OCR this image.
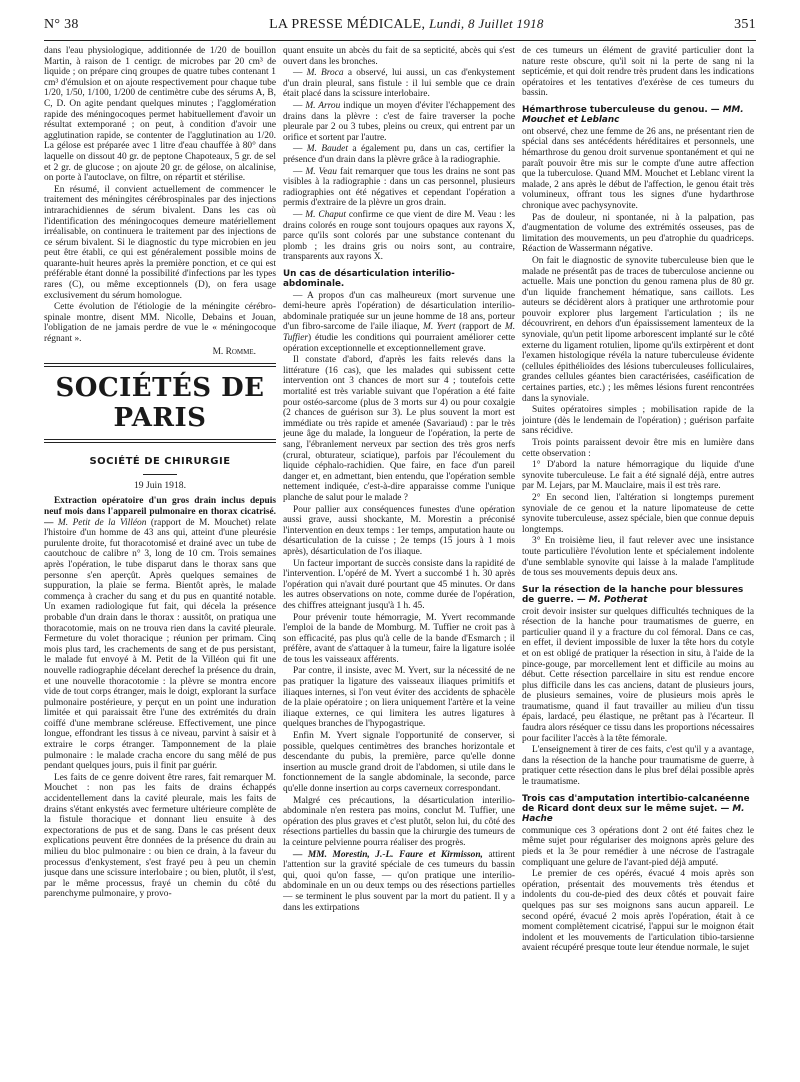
N° 38	LA PRESSE MÉDICALE, Lundi, 8 Juillet 1918	351

dans l'eau physiologique, additionnée de 1/20 de bouillon Martin, à raison de 1 centigr. de microbes par 20 cm³ de liquide ; on prépare cinq groupes de quatre tubes contenant 1 cm³ d'émulsion et on ajoute respectivement pour chaque tube 1/20, 1/50, 1/100, 1/200 de centimètre cube des sérums A, B, C, D. On agite pendant quelques minutes ; l'agglomération rapide des méningocoques permet habituellement d'avoir un résultat extemporané ; on peut, à condition d'avoir une agglutination rapide, se contenter de l'agglutination au 1/20. La gélose est préparée avec 1 litre d'eau chauffée à 80° dans laquelle on dissout 40 gr. de peptone Chapoteaux, 5 gr. de sel et 2 gr. de glucose ; on ajoute 20 gr. de gélose, on alcalinise, on porte à l'autoclave, on filtre, on répartit et stérilise.

En résumé, il convient actuellement de commencer le traitement des méningites cérébrospinales par des injections intrarachidiennes de sérum bivalent. Dans les cas où l'identification des méningocoques demeure matériellement irréalisable, on continuera le traitement par des injections de ce sérum bivalent. Si le diagnostic du type microbien en jeu peut être établi, ce qui est généralement possible moins de quarante-huit heures après la première ponction, et ce qui est préférable étant donné la possibilité d'infections par les types rares (C), ou même exceptionnels (D), on fera usage exclusivement du sérum homologue.

Cette évolution de l'étiologie de la méningite cérébro-spinale montre, disent MM. Nicolle, Debains et Jouan, l'obligation de ne jamais perdre de vue le « méningocoque régnant ».

M. Romme.
SOCIÉTÉS DE PARIS
SOCIÉTÉ DE CHIRURGIE
19 Juin 1918.

Extraction opératoire d'un gros drain inclus depuis neuf mois dans l'appareil pulmonaire en thorax cicatrisé. — M. Petit de la Villéon (rapport de M. Mouchet) relate l'histoire d'un homme de 43 ans qui, atteint d'une pleurésie purulente droite, fut thoracotomisé et drainé avec un tube de caoutchouc de calibre n° 3, long de 10 cm. Trois semaines après l'opération, le tube disparut dans le thorax sans que personne s'en aperçût. Après quelques semaines de suppuration, la plaie se ferma. Bientôt après, le malade commença à cracher du sang et du pus en quantité notable. Un examen radiologique fut fait, qui décela la présence probable d'un drain dans le thorax : aussitôt, on pratiqua une thoracotomie, mais on ne trouva rien dans la cavité pleurale. Fermeture du volet thoracique ; réunion per primam. Cinq mois plus tard, les crachements de sang et de pus persistant, le malade fut envoyé à M. Petit de la Villéon qui fit une nouvelle radiographie décelant derechef la présence du drain, et une nouvelle thoracotomie : la plèvre se montra encore vide de tout corps étranger, mais le doigt, explorant la surface pulmonaire postérieure, y perçut en un point une induration limitée et qui paraissait être l'une des extrémités du drain coiffé d'une membrane scléreuse. Effectivement, une pince longue, effondrant les tissus à ce niveau, parvint à saisir et à extraire le corps étranger. Tamponnement de la plaie pulmonaire : le malade cracha encore du sang mêlé de pus pendant quelques jours, puis il finit par guérir.

Les faits de ce genre doivent être rares, fait remarquer M. Mouchet : non pas les faits de drains échappés accidentellement dans la cavité pleurale, mais les faits de drains s'étant enkystés avec fermeture ultérieure complète de la fistule thoracique et donnant lieu ensuite à des expectorations de pus et de sang. Dans le cas présent deux explications peuvent être données de la présence du drain au milieu du bloc pulmonaire : ou bien ce drain, à la faveur du processus d'enkystement, s'est frayé peu à peu un chemin jusque dans une scissure interlobaire ; ou bien, plutôt, il s'est, par le même processus, frayé un chemin du côté du parenchyme pulmonaire, y provo-

quant ensuite un abcès du fait de sa septicité, abcès qui s'est ouvert dans les bronches.

— M. Broca a observé, lui aussi, un cas d'enkystement d'un drain pleural, sans fistule : il lui semble que ce drain était placé dans la scissure interlobaire.

— M. Arrou indique un moyen d'éviter l'échappement des drains dans la plèvre : c'est de faire traverser la poche pleurale par 2 ou 3 tubes, pleins ou creux, qui entrent par un orifice et sortent par l'autre.

— M. Baudet a également pu, dans un cas, certifier la présence d'un drain dans la plèvre grâce à la radiographie.

— M. Veau fait remarquer que tous les drains ne sont pas visibles à la radiographie : dans un cas personnel, plusieurs radiographies ont été négatives et cependant l'opération a permis d'extraire de la plèvre un gros drain.

— M. Chaput confirme ce que vient de dire M. Veau : les drains colorés en rouge sont toujours opaques aux rayons X, parce qu'ils sont colorés par une substance contenant du plomb ; les drains gris ou noirs sont, au contraire, transparents aux rayons X.

Un cas de désarticulation interilio-abdominale.

— A propos d'un cas malheureux (mort survenue une demi-heure après l'opération) de désarticulation interilio-abdominale pratiquée sur un jeune homme de 18 ans, porteur d'un fibro-sarcome de l'aile iliaque, M. Yvert (rapport de M. Tuffier) étudie les conditions qui pourraient améliorer cette opération exceptionnelle et exceptionnellement grave.

Il constate d'abord, d'après les faits relevés dans la littérature (16 cas), que les malades qui subissent cette intervention ont 3 chances de mort sur 4 ; toutefois cette mortalité est très variable suivant que l'opération a été faite pour ostéo-sarcome (plus de 3 morts sur 4) ou pour coxalgie (2 chances de guérison sur 3). Le plus souvent la mort est immédiate ou très rapide et amenée (Savariaud) : par le très jeune âge du malade, la longueur de l'opération, la perte de sang, l'ébranlement nerveux par section des très gros nerfs (crural, obturateur, sciatique), parfois par l'écoulement du liquide céphalo-rachidien. Que faire, en face d'un pareil danger et, en admettant, bien entendu, que l'opération semble nettement indiquée, c'est-à-dire apparaisse comme l'unique planche de salut pour le malade ?

Pour pallier aux conséquences funestes d'une opération aussi grave, aussi shockante, M. Morestin a préconisé l'intervention en deux temps : 1er temps, amputation haute ou désarticulation de la cuisse ; 2e temps (15 jours à 1 mois après), désarticulation de l'os iliaque.

Un facteur important de succès consiste dans la rapidité de l'intervention. L'opéré de M. Yvert a succombé 1 h. 30 après l'opération qui n'avait duré pourtant que 45 minutes. Or dans les autres observations on note, comme durée de l'opération, des chiffres atteignant jusqu'à 1 h. 45.

Pour prévenir toute hémorragie, M. Yvert recommande l'emploi de la bande de Momburg. M. Tuffier ne croit pas à son efficacité, pas plus qu'à celle de la bande d'Esmarch ; il préfère, avant de s'attaquer à la tumeur, faire la ligature isolée de tous les vaisseaux afférents.

Par contre, il insiste, avec M. Yvert, sur la nécessité de ne pas pratiquer la ligature des vaisseaux iliaques primitifs et iliaques internes, si l'on veut éviter des accidents de sphacèle de la plaie opératoire ; on liera uniquement l'artère et la veine iliaque externes, ce qui limitera les autres ligatures à quelques branches de l'hypogastrique.

Enfin M. Yvert signale l'opportunité de conserver, si possible, quelques centimètres des branches horizontale et descendante du pubis, la première, parce qu'elle donne insertion au muscle grand droit de l'abdomen, si utile dans le fonctionnement de la sangle abdominale, la seconde, parce qu'elle donne insertion au corps caverneux correspondant.

Malgré ces précautions, la désarticulation interilio-abdominale n'en restera pas moins, conclut M. Tuffier, une opération des plus graves et c'est plutôt, selon lui, du côté des résections partielles du bassin que la chirurgie des tumeurs de la ceinture pelvienne pourra réaliser des progrès.

— MM. Morestin, J.-L. Faure et Kirmisson, attirent l'attention sur la gravité spéciale de ces tumeurs du bassin qui, quoi qu'on fasse, — qu'on pratique une interilio-abdominale en un ou deux temps ou des résections partielles — se terminent le plus souvent par la mort du patient. Il y a dans les extirpations

de ces tumeurs un élément de gravité particulier dont la nature reste obscure, qu'il soit ni la perte de sang ni la septicémie, et qui doit rendre très prudent dans les indications opératoires et les tentatives d'exérèse de ces tumeurs du bassin.

Hémarthrose tuberculeuse du genou. — MM. Mouchet et Leblanc

ont observé, chez une femme de 26 ans, ne présentant rien de spécial dans ses antécédents héréditaires et personnels, une hémarthrose du genou droit survenue spontanément et qui ne paraît pouvoir être mis sur le compte d'une autre affection que la tuberculose. Quand MM. Mouchet et Leblanc virent la malade, 2 ans après le début de l'affection, le genou était très volumineux, offrant tous les signes d'une hydarthrose chronique avec pachysynovite.

Pas de douleur, ni spontanée, ni à la palpation, pas d'augmentation de volume des extrémités osseuses, pas de limitation des mouvements, un peu d'atrophie du quadriceps. Réaction de Wassermann négative.

On fait le diagnostic de synovite tuberculeuse bien que le malade ne présentât pas de traces de tuberculose ancienne ou actuelle. Mais une ponction du genou ramena plus de 80 gr. d'un liquide franchement hématique, sans caillots. Les auteurs se décidèrent alors à pratiquer une arthrotomie pour pouvoir explorer plus largement l'articulation ; ils ne découvrirent, en dehors d'un épaississement lamenteux de la synoviale, qu'un petit lipome arborescent implanté sur le côté externe du ligament rotulien, lipome qu'ils extirpèrent et dont l'examen histologique révéla la nature tuberculeuse évidente (cellules épithélioïdes des lésions tuberculeuses folliculaires, grandes cellules géantes bien caractérisées, caséification de certaines parties, etc.) ; les mêmes lésions furent rencontrées dans la synoviale.

Suites opératoires simples ; mobilisation rapide de la jointure (dès le lendemain de l'opération) ; guérison parfaite sans récidive.

Trois points paraissent devoir être mis en lumière dans cette observation :

1° D'abord la nature hémorragique du liquide d'une synovite tuberculeuse. Le fait a été signalé déjà, entre autres par M. Lejars, par M. Mauclaire, mais il est très rare.

2° En second lien, l'altération si longtemps purement synoviale de ce genou et la nature lipomateuse de cette synovite tuberculeuse, assez spéciale, bien que connue depuis longtemps.

3° En troisième lieu, il faut relever avec une insistance toute particulière l'évolution lente et spécialement indolente d'une semblable synovite qui laisse à la malade l'amplitude de tous ses mouvements depuis deux ans.

Sur la résection de la hanche pour blessures de guerre. — M. Potherat

croit devoir insister sur quelques difficultés techniques de la résection de la hanche pour traumatismes de guerre, en particulier quand il y a fracture du col fémoral. Dans ce cas, en effet, il devient impossible de luxer la tête hors du cotyle et on est obligé de pratiquer la résection in situ, à l'aide de la pince-gouge, par morcellement lent et difficile au moins au début. Cette résection parcellaire in situ est rendue encore plus difficile dans les cas anciens, datant de plusieurs jours, de plusieurs semaines, voire de plusieurs mois après le traumatisme, quand il faut travailler au milieu d'un tissu épais, lardacé, peu élastique, ne prêtant pas à l'écarteur. Il faudra alors réséquer ce tissu dans les proportions nécessaires pour faciliter l'accès à la tête fémorale.

L'enseignement à tirer de ces faits, c'est qu'il y a avantage, dans la résection de la hanche pour traumatisme de guerre, à pratiquer cette résection dans le plus bref délai possible après le traumatisme.

Trois cas d'amputation intertibio-calcanéenne de Ricard dont deux sur le même sujet. — M. Hache

communique ces 3 opérations dont 2 ont été faites chez le même sujet pour régulariser des moignons après gelure des pieds et la 3e pour remédier à une nécrose de l'astragale compliquant une gelure de l'avant-pied déjà amputé.

Le premier de ces opérés, évacué 4 mois après son opération, présentait des mouvements très étendus et indolents du cou-de-pied des deux côtés et pouvait faire quelques pas sur ses moignons sans aucun appareil. Le second opéré, évacué 2 mois après l'opération, était à ce moment complètement cicatrisé, l'appui sur le moignon était indolent et les mouvements de l'articulation tibio-tarsienne avaient récupéré presque toute leur étendue normale, le sujet
